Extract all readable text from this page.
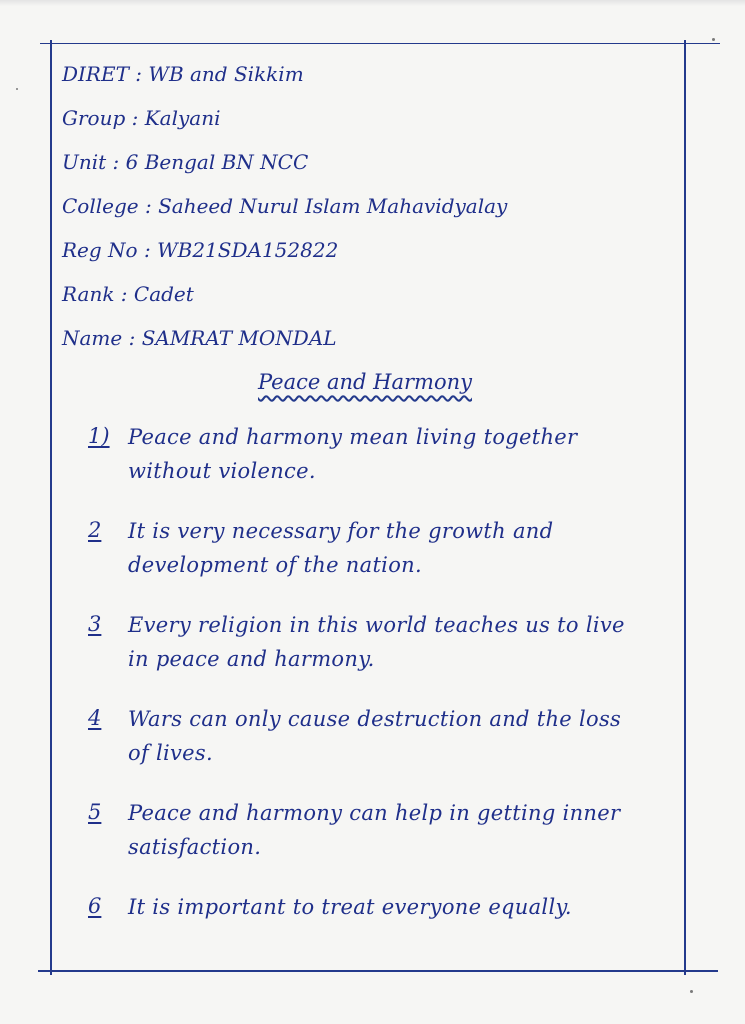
DIRET : WB and Sikkim
Group : Kalyani
Unit : 6 Bengal BN NCC
College : Saheed Nurul Islam Mahavidyalay
Reg No : WB21SDA152822
Rank : Cadet
Name : SAMRAT MONDAL
Peace and Harmony
1) Peace and harmony mean living together without violence.
2	It is very necessary for the growth and development of the nation.
3	Every religion in this world teaches us to live in peace and harmony.
4	Wars can only cause destruction and the loss of lives.
5	Peace and harmony can help in getting inner satisfaction.
6	It is important to treat everyone equally.
